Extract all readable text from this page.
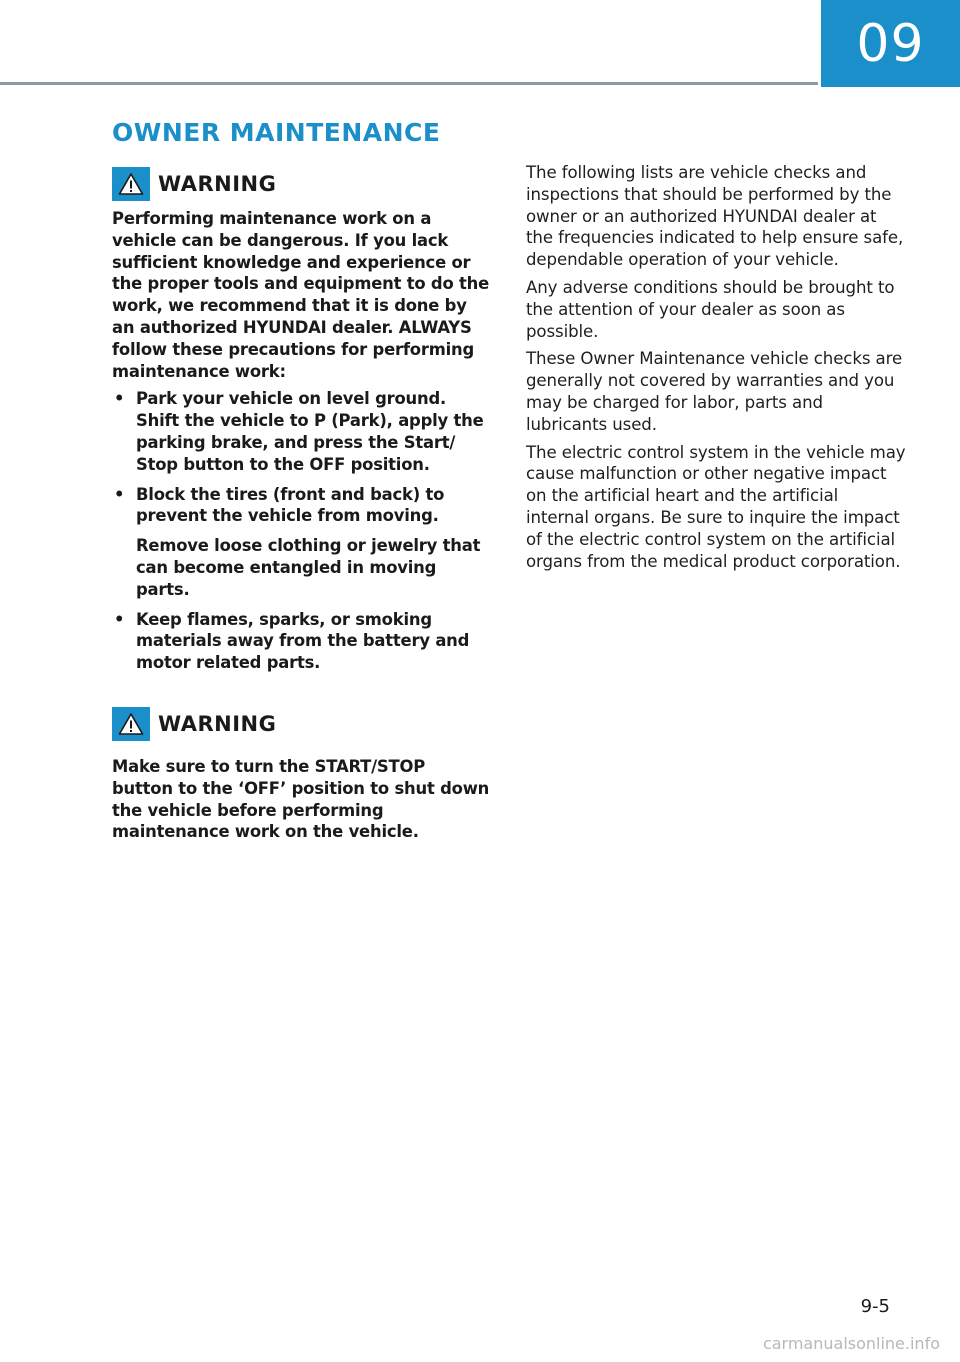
09
OWNER MAINTENANCE
WARNING

Performing maintenance work on a vehicle can be dangerous. If you lack sufficient knowledge and experience or the proper tools and equipment to do the work, we recommend that it is done by an authorized HYUNDAI dealer. ALWAYS follow these precautions for performing maintenance work:

• Park your vehicle on level ground. Shift the vehicle to P (Park), apply the parking brake, and press the Start/ Stop button to the OFF position.
• Block the tires (front and back) to prevent the vehicle from moving.
Remove loose clothing or jewelry that can become entangled in moving parts.
• Keep flames, sparks, or smoking materials away from the battery and motor related parts.
WARNING

Make sure to turn the START/STOP button to the ‘OFF’ position to shut down the vehicle before performing maintenance work on the vehicle.

The following lists are vehicle checks and inspections that should be performed by the owner or an authorized HYUNDAI dealer at the frequencies indicated to help ensure safe, dependable operation of your vehicle.

Any adverse conditions should be brought to the attention of your dealer as soon as possible.

These Owner Maintenance vehicle checks are generally not covered by warranties and you may be charged for labor, parts and lubricants used.

The electric control system in the vehicle may cause malfunction or other negative impact on the artificial heart and the artificial internal organs. Be sure to inquire the impact of the electric control system on the artificial organs from the medical product corporation.

9-5
carmanualsonline.info
